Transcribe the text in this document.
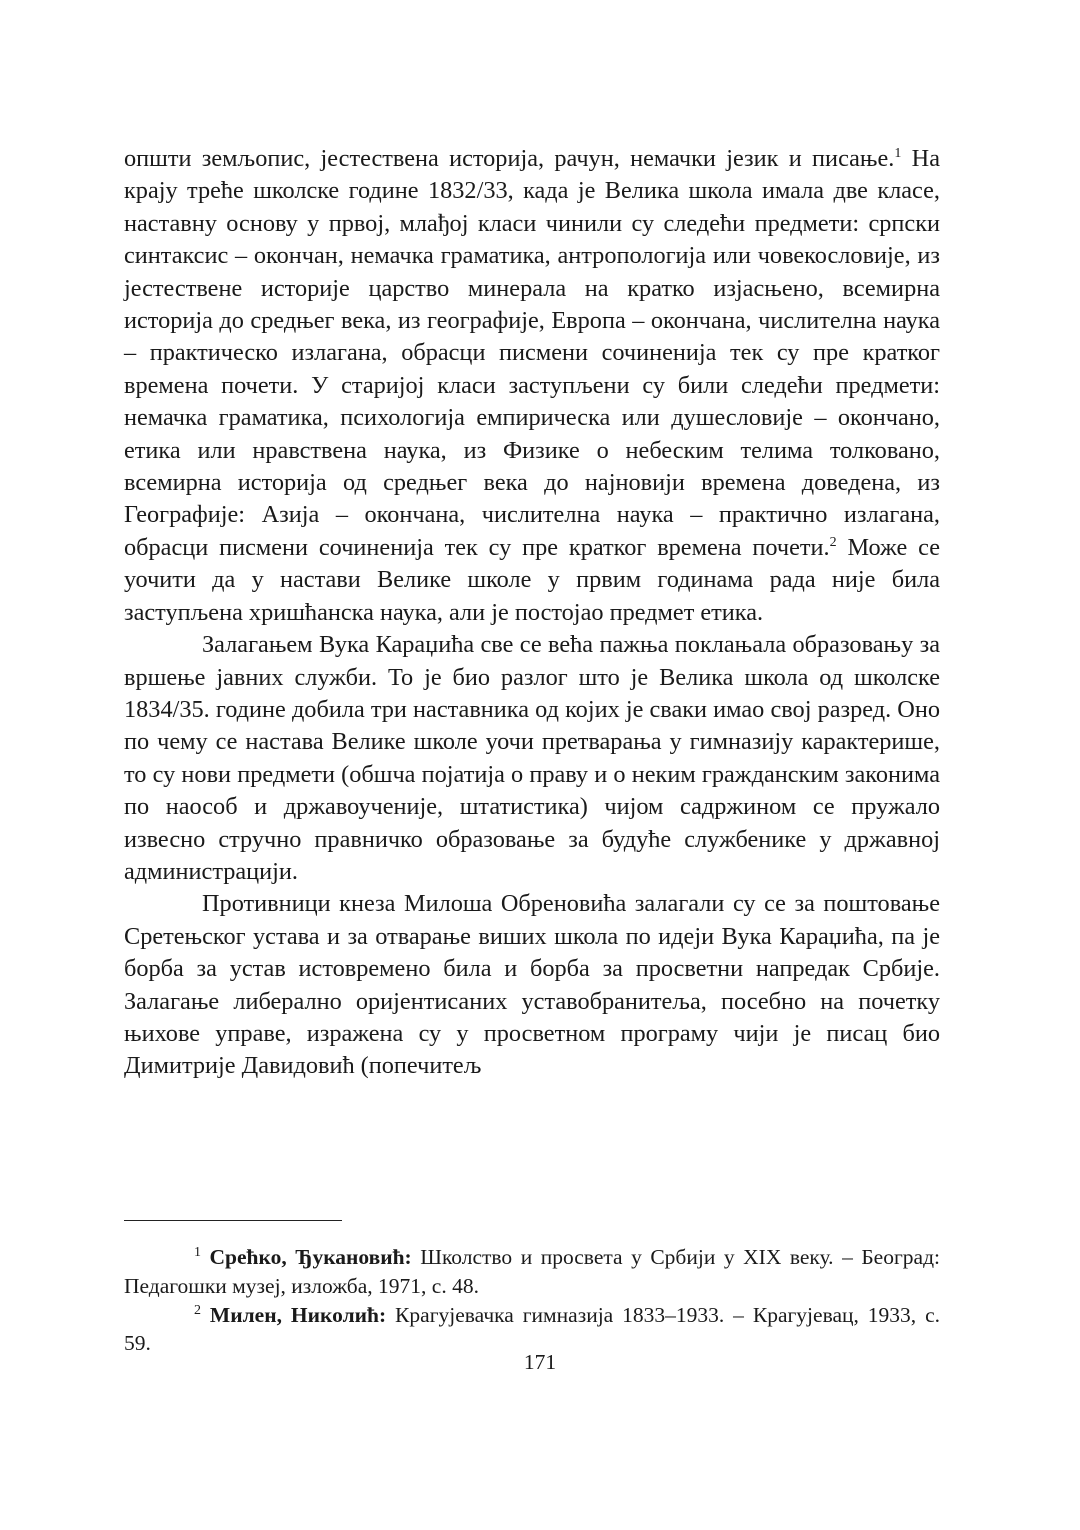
општи земљопис, јестествена историја, рачун, немачки језик и писање.$^1$ На крају треће школске године 1832/33, када је Велика школа имала две класе, наставну основу у првој, млађој класи чинили су следећи предмети: српски синтаксис – окончан, немачка граматика, антропологија или човекословије, из јестествене историје царство минерала на кратко изјасњено, всемирна историја до средњег века, из географије, Европа – окончана, числителна наука – практическо излагана, обрасци писмени сочиненија тек су пре кратког времена почети. У старијој класи заступљени су били следећи предмети: немачка граматика, психологија емпирическа или душесловије – окончано, етика или нравствена наука, из Физике о небеским телима толковано, всемирна историја од средњег века до најновији времена доведена, из Географије: Азија – окончана, числителна наука – практично излагана, обрасци писмени сочиненија тек су пре кратког времена почети.$^2$ Може се уочити да у настави Велике школе у првим годинама рада није била заступљена хришћанска наука, али је постојао предмет етика.

Залагањем Вука Караџића све се већа пажња поклањала образовању за вршење јавних служби. То је био разлог што је Велика школа од школске 1834/35. године добила три наставника од којих је сваки имао свој разред. Оно по чему се настава Велике школе уочи претварања у гимназију карактерише, то су нови предмети (обшча појатија о праву и о неким гражданским законима по наособ и државоученије, штатистика) чијом садржином се пружало извесно стручно правничко образовање за будуће службенике у државној администрацији.

Противници кнеза Милоша Обреновића залагали су се за поштовање Сретењског устава и за отварање виших школа по идеји Вука Караџића, па је борба за устав истовремено била и борба за просветни напредак Србије. Залагање либерално оријентисаних уставобранитеља, посебно на почетку њихове управе, изражена су у просветном програму чији је писац био Димитрије Давидовић (попечитељ

$^1$ Срећко, Ђукановић: Школство и просвета у Србији у XIX веку. – Београд: Педагошки музеј, изложба, 1971, с. 48.

$^2$ Милен, Николић: Крагујевачка гимназија 1833–1933. – Крагујевац, 1933, с. 59.

171
